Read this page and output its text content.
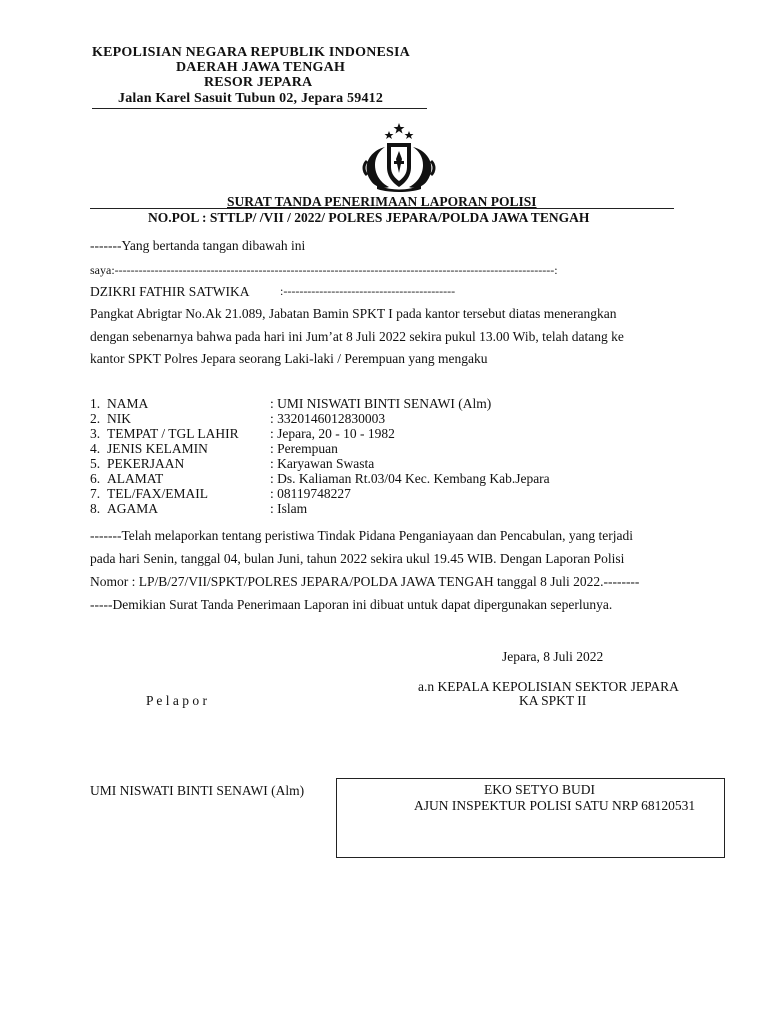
KEPOLISIAN NEGARA REPUBLIK INDONESIA
DAERAH JAWA TENGAH
RESOR JEPARA
Jalan Karel Sasuit Tubun 02, Jepara 59412
SURAT TANDA PENERIMAAN LAPORAN POLISI
NO.POL : STTLP/ /VII / 2022/ POLRES JEPARA/POLDA JAWA TENGAH
-------Yang bertanda tangan dibawah ini
saya:--------------------------------------------------------------------------------------------------------------:
DZIKRI FATHIR SATWIKA	:-------------------------------------------
Pangkat Abrigtar No.Ak 21.089, Jabatan Bamin SPKT I pada kantor tersebut diatas menerangkan
dengan sebenarnya bahwa pada hari ini Jum’at 8 Juli 2022 sekira pukul 13.00 Wib, telah datang ke
kantor SPKT Polres Jepara seorang Laki-laki / Perempuan yang mengaku
1. NAMA	: UMI NISWATI BINTI SENAWI (Alm)
2. NIK	: 3320146012830003
3. TEMPAT / TGL LAHIR : Jepara, 20 - 10 - 1982
4. JENIS KELAMIN	: Perempuan
5. PEKERJAAN	: Karyawan Swasta
6. ALAMAT	: Ds. Kaliaman Rt.03/04 Kec. Kembang Kab.Jepara
7. TEL/FAX/EMAIL	: 08119748227
8. AGAMA	: Islam
-------Telah melaporkan tentang peristiwa Tindak Pidana Penganiayaan dan Pencabulan, yang terjadi
pada hari Senin, tanggal 04, bulan Juni, tahun 2022 sekira ukul 19.45 WIB. Dengan Laporan Polisi
Nomor : LP/B/27/VII/SPKT/POLRES JEPARA/POLDA JAWA TENGAH tanggal 8 Juli 2022.--------
-----Demikian Surat Tanda Penerimaan Laporan ini dibuat untuk dapat dipergunakan seperlunya.
Jepara, 8 Juli 2022
a.n KEPALA KEPOLISIAN SEKTOR JEPARA
KA SPKT II
P e l a p o r
UMI NISWATI BINTI SENAWI (Alm)	EKO SETYO BUDI
AJUN INSPEKTUR POLISI SATU NRP 68120531
